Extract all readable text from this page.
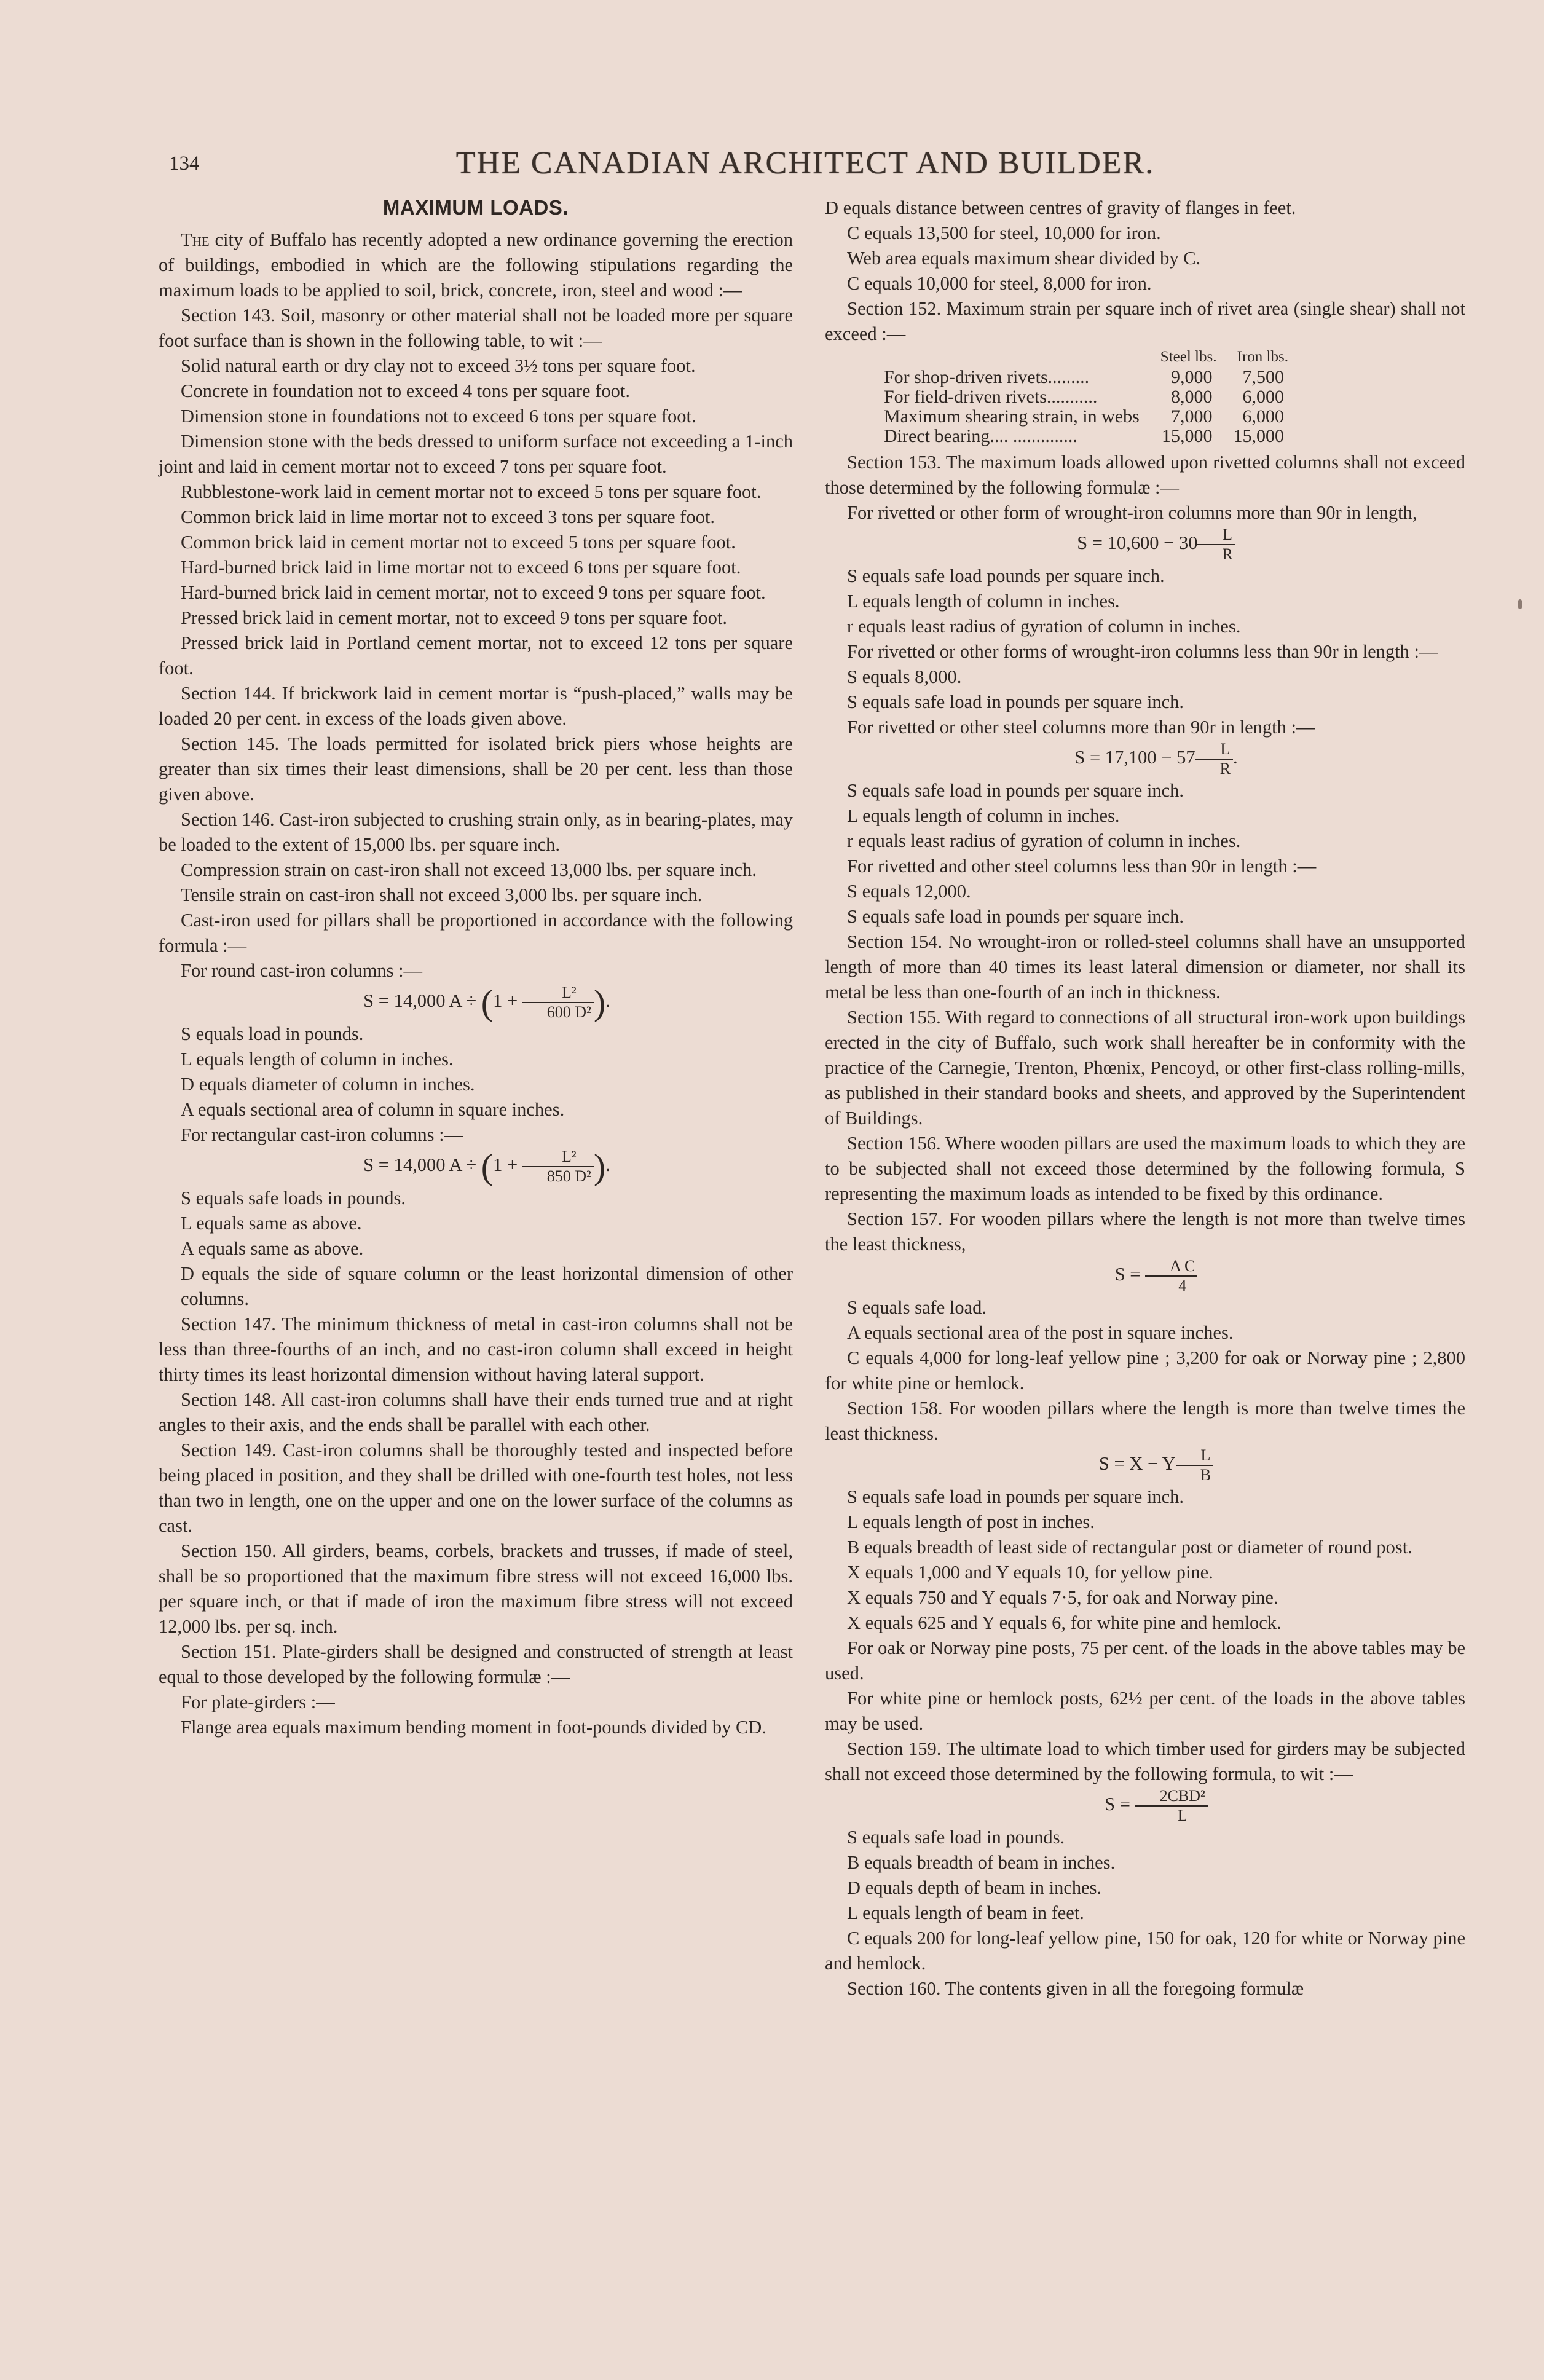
134	THE CANADIAN ARCHITECT AND BUILDER.
MAXIMUM LOADS.

The city of Buffalo has recently adopted a new ordinance governing the erection of buildings, embodied in which are the following stipulations regarding the maximum loads to be applied to soil, brick, concrete, iron, steel and wood :—

Section 143. Soil, masonry or other material shall not be loaded more per square foot surface than is shown in the following table, to wit :—

Solid natural earth or dry clay not to exceed 3½ tons per square foot.

Concrete in foundation not to exceed 4 tons per square foot.

Dimension stone in foundations not to exceed 6 tons per square foot.

Dimension stone with the beds dressed to uniform surface not exceeding a 1-inch joint and laid in cement mortar not to exceed 7 tons per square foot.

Rubblestone-work laid in cement mortar not to exceed 5 tons per square foot.

Common brick laid in lime mortar not to exceed 3 tons per square foot.

Common brick laid in cement mortar not to exceed 5 tons per square foot.

Hard-burned brick laid in lime mortar not to exceed 6 tons per square foot.

Hard-burned brick laid in cement mortar, not to exceed 9 tons per square foot.

Pressed brick laid in cement mortar, not to exceed 9 tons per square foot.

Pressed brick laid in Portland cement mortar, not to exceed 12 tons per square foot.

Section 144. If brickwork laid in cement mortar is “push-placed,” walls may be loaded 20 per cent. in excess of the loads given above.

Section 145. The loads permitted for isolated brick piers whose heights are greater than six times their least dimensions, shall be 20 per cent. less than those given above.

Section 146. Cast-iron subjected to crushing strain only, as in bearing-plates, may be loaded to the extent of 15,000 lbs. per square inch.

Compression strain on cast-iron shall not exceed 13,000 lbs. per square inch.

Tensile strain on cast-iron shall not exceed 3,000 lbs. per square inch.

Cast-iron used for pillars shall be proportioned in accordance with the following formula :—

For round cast-iron columns :—

S = 14,000 $A \div (1 + \frac{\text{L²}}{\text{600 D²}}$ ).

S equals load in pounds.

L equals length of column in inches.

D equals diameter of column in inches.

A equals sectional area of column in square inches.

For rectangular cast-iron columns :—

S = 14,000 $A \div (1 + \frac{\text{L²}}{\text{850 D²}}$ ).

S equals safe loads in pounds.

L equals same as above.

A equals same as above.

D equals the side of square column or the least horizontal dimension of other columns.

Section 147. The minimum thickness of metal in cast-iron columns shall not be less than three-fourths of an inch, and no cast-iron column shall exceed in height thirty times its least horizontal dimension without having lateral support.

Section 148. All cast-iron columns shall have their ends turned true and at right angles to their axis, and the ends shall be parallel with each other.

Section 149. Cast-iron columns shall be thoroughly tested and inspected before being placed in position, and they shall be drilled with one-fourth test holes, not less than two in length, one on the upper and one on the lower surface of the columns as cast.

Section 150. All girders, beams, corbels, brackets and trusses, if made of steel, shall be so proportioned that the maximum fibre stress will not exceed 16,000 lbs. per square inch, or that if made of iron the maximum fibre stress will not exceed 12,000 lbs. per sq. inch.

Section 151. Plate-girders shall be designed and constructed of strength at least equal to those developed by the following formulæ :—

For plate-girders :—

Flange area equals maximum bending moment in foot-pounds divided by CD.

D equals distance between centres of gravity of flanges in feet.

C equals 13,500 for steel, 10,000 for iron.

Web area equals maximum shear divided by C.

C equals 10,000 for steel, 8,000 for iron.

Section 152. Maximum strain per square inch of rivet area (single shear) shall not exceed :—

	Steel lbs.	Iron lbs.
For shop-driven rivets.........	9,000	7,500
For field-driven rivets...........	8,000	6,000
Maximum shearing strain, in webs	7,000	6,000
Direct bearing.... ..............	15,000	15,000

Section 153. The maximum loads allowed upon rivetted columns shall not exceed those determined by the following formulæ :—

For rivetted or other form of wrought-iron columns more than 90r in length,

$S = 10,600 - 30 \frac{L}{R}$

S equals safe load pounds per square inch.

L equals length of column in inches.

r equals least radius of gyration of column in inches.

For rivetted or other forms of wrought-iron columns less than 90r in length :—

S equals 8,000.

S equals safe load in pounds per square inch.

For rivetted or other steel columns more than 90r in length :—

$S = 17,100 - 57 \frac{L}{R}$ .

S equals safe load in pounds per square inch.

L equals length of column in inches.

r equals least radius of gyration of column in inches.

For rivetted and other steel columns less than 90r in length :—

S equals 12,000.

S equals safe load in pounds per square inch.

Section 154. No wrought-iron or rolled-steel columns shall have an unsupported length of more than 40 times its least lateral dimension or diameter, nor shall its metal be less than one-fourth of an inch in thickness.

Section 155. With regard to connections of all structural iron-work upon buildings erected in the city of Buffalo, such work shall hereafter be in conformity with the practice of the Carnegie, Trenton, Phœnix, Pencoyd, or other first-class rolling-mills, as published in their standard books and sheets, and approved by the Superintendent of Buildings.

Section 156. Where wooden pillars are used the maximum loads to which they are to be subjected shall not exceed those determined by the following formula, S representing the maximum loads as intended to be fixed by this ordinance.

Section 157. For wooden pillars where the length is not more than twelve times the least thickness,

$S = \frac{\text{A C}}{4}$

S equals safe load.

A equals sectional area of the post in square inches.

C equals 4,000 for long-leaf yellow pine ; 3,200 for oak or Norway pine ; 2,800 for white pine or hemlock.

Section 158. For wooden pillars where the length is more than twelve times the least thickness.

S = X − Y $\frac{L}{B}$

S equals safe load in pounds per square inch.

L equals length of post in inches.

B equals breadth of least side of rectangular post or diameter of round post.

X equals 1,000 and Y equals 10, for yellow pine.

X equals 750 and Y equals 7·5, for oak and Norway pine.

X equals 625 and Y equals 6, for white pine and hemlock.

For oak or Norway pine posts, 75 per cent. of the loads in the above tables may be used.

For white pine or hemlock posts, 62½ per cent. of the loads in the above tables may be used.

Section 159. The ultimate load to which timber used for girders may be subjected shall not exceed those determined by the following formula, to wit :—

$S = \frac{\text{2CBD²}}{L}$

S equals safe load in pounds.

B equals breadth of beam in inches.

D equals depth of beam in inches.

L equals length of beam in feet.

C equals 200 for long-leaf yellow pine, 150 for oak, 120 for white or Norway pine and hemlock.

Section 160. The contents given in all the foregoing formulæ
